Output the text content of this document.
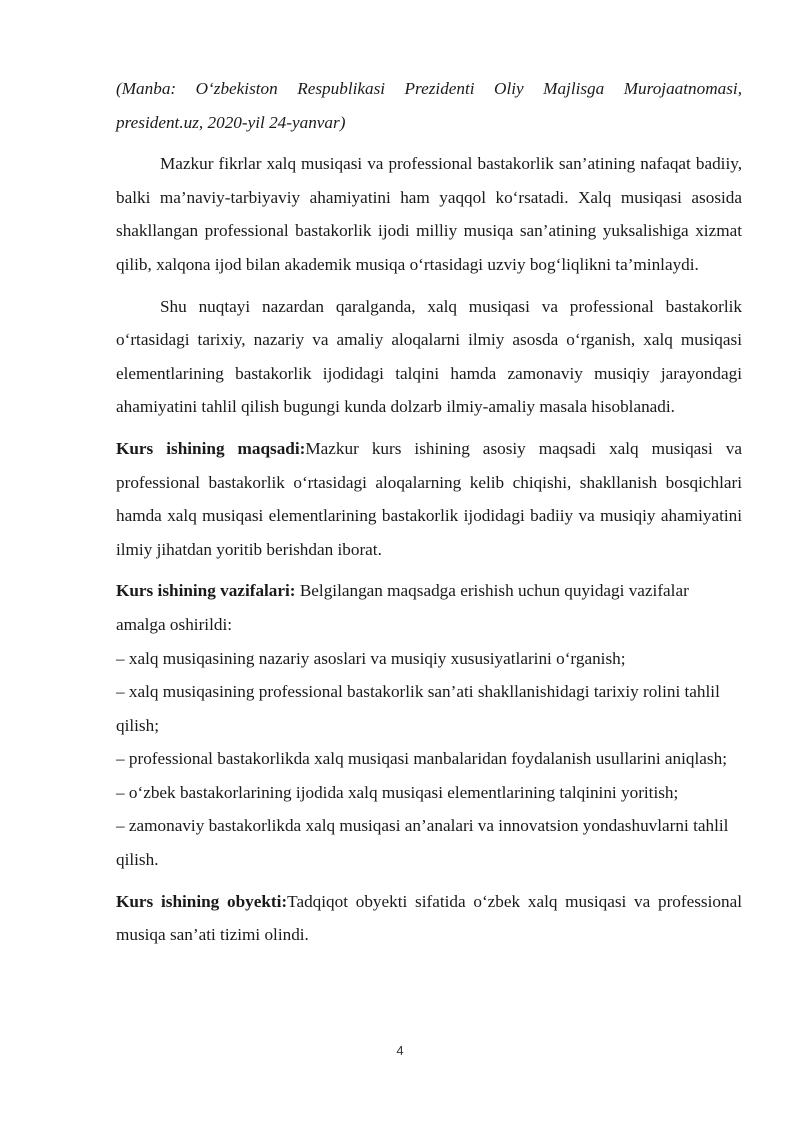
(Manba: O‘zbekiston Respublikasi Prezidenti Oliy Majlisga Murojaatnomasi, president.uz, 2020-yil 24-yanvar)

Mazkur fikrlar xalq musiqasi va professional bastakorlik san’atining nafaqat badiiy, balki ma’naviy-tarbiyaviy ahamiyatini ham yaqqol ko‘rsatadi. Xalq musiqasi asosida shakllangan professional bastakorlik ijodi milliy musiqa san’atining yuksalishiga xizmat qilib, xalqona ijod bilan akademik musiqa o‘rtasidagi uzviy bog‘liqlikni ta’minlaydi.

Shu nuqtayi nazardan qaralganda, xalq musiqasi va professional bastakorlik o‘rtasidagi tarixiy, nazariy va amaliy aloqalarni ilmiy asosda o‘rganish, xalq musiqasi elementlarining bastakorlik ijodidagi talqini hamda zamonaviy musiqiy jarayondagi ahamiyatini tahlil qilish bugungi kunda dolzarb ilmiy-amaliy masala hisoblanadi.

Kurs ishining maqsadi:Mazkur kurs ishining asosiy maqsadi xalq musiqasi va professional bastakorlik o‘rtasidagi aloqalarning kelib chiqishi, shakllanish bosqichlari hamda xalq musiqasi elementlarining bastakorlik ijodidagi badiiy va musiqiy ahamiyatini ilmiy jihatdan yoritib berishdan iborat.

Kurs ishining vazifalari: Belgilangan maqsadga erishish uchun quyidagi vazifalar amalga oshirildi:

– xalq musiqasining nazariy asoslari va musiqiy xususiyatlarini o‘rganish;
– xalq musiqasining professional bastakorlik san’ati shakllanishidagi tarixiy rolini tahlil qilish;
– professional bastakorlikda xalq musiqasi manbalaridan foydalanish usullarini aniqlash;
– o‘zbek bastakorlarining ijodida xalq musiqasi elementlarining talqinini yoritish;
– zamonaviy bastakorlikda xalq musiqasi an’analari va innovatsion yondashuvlarni tahlil qilish.

Kurs ishining obyekti:Tadqiqot obyekti sifatida o‘zbek xalq musiqasi va professional musiqa san’ati tizimi olindi.

4
